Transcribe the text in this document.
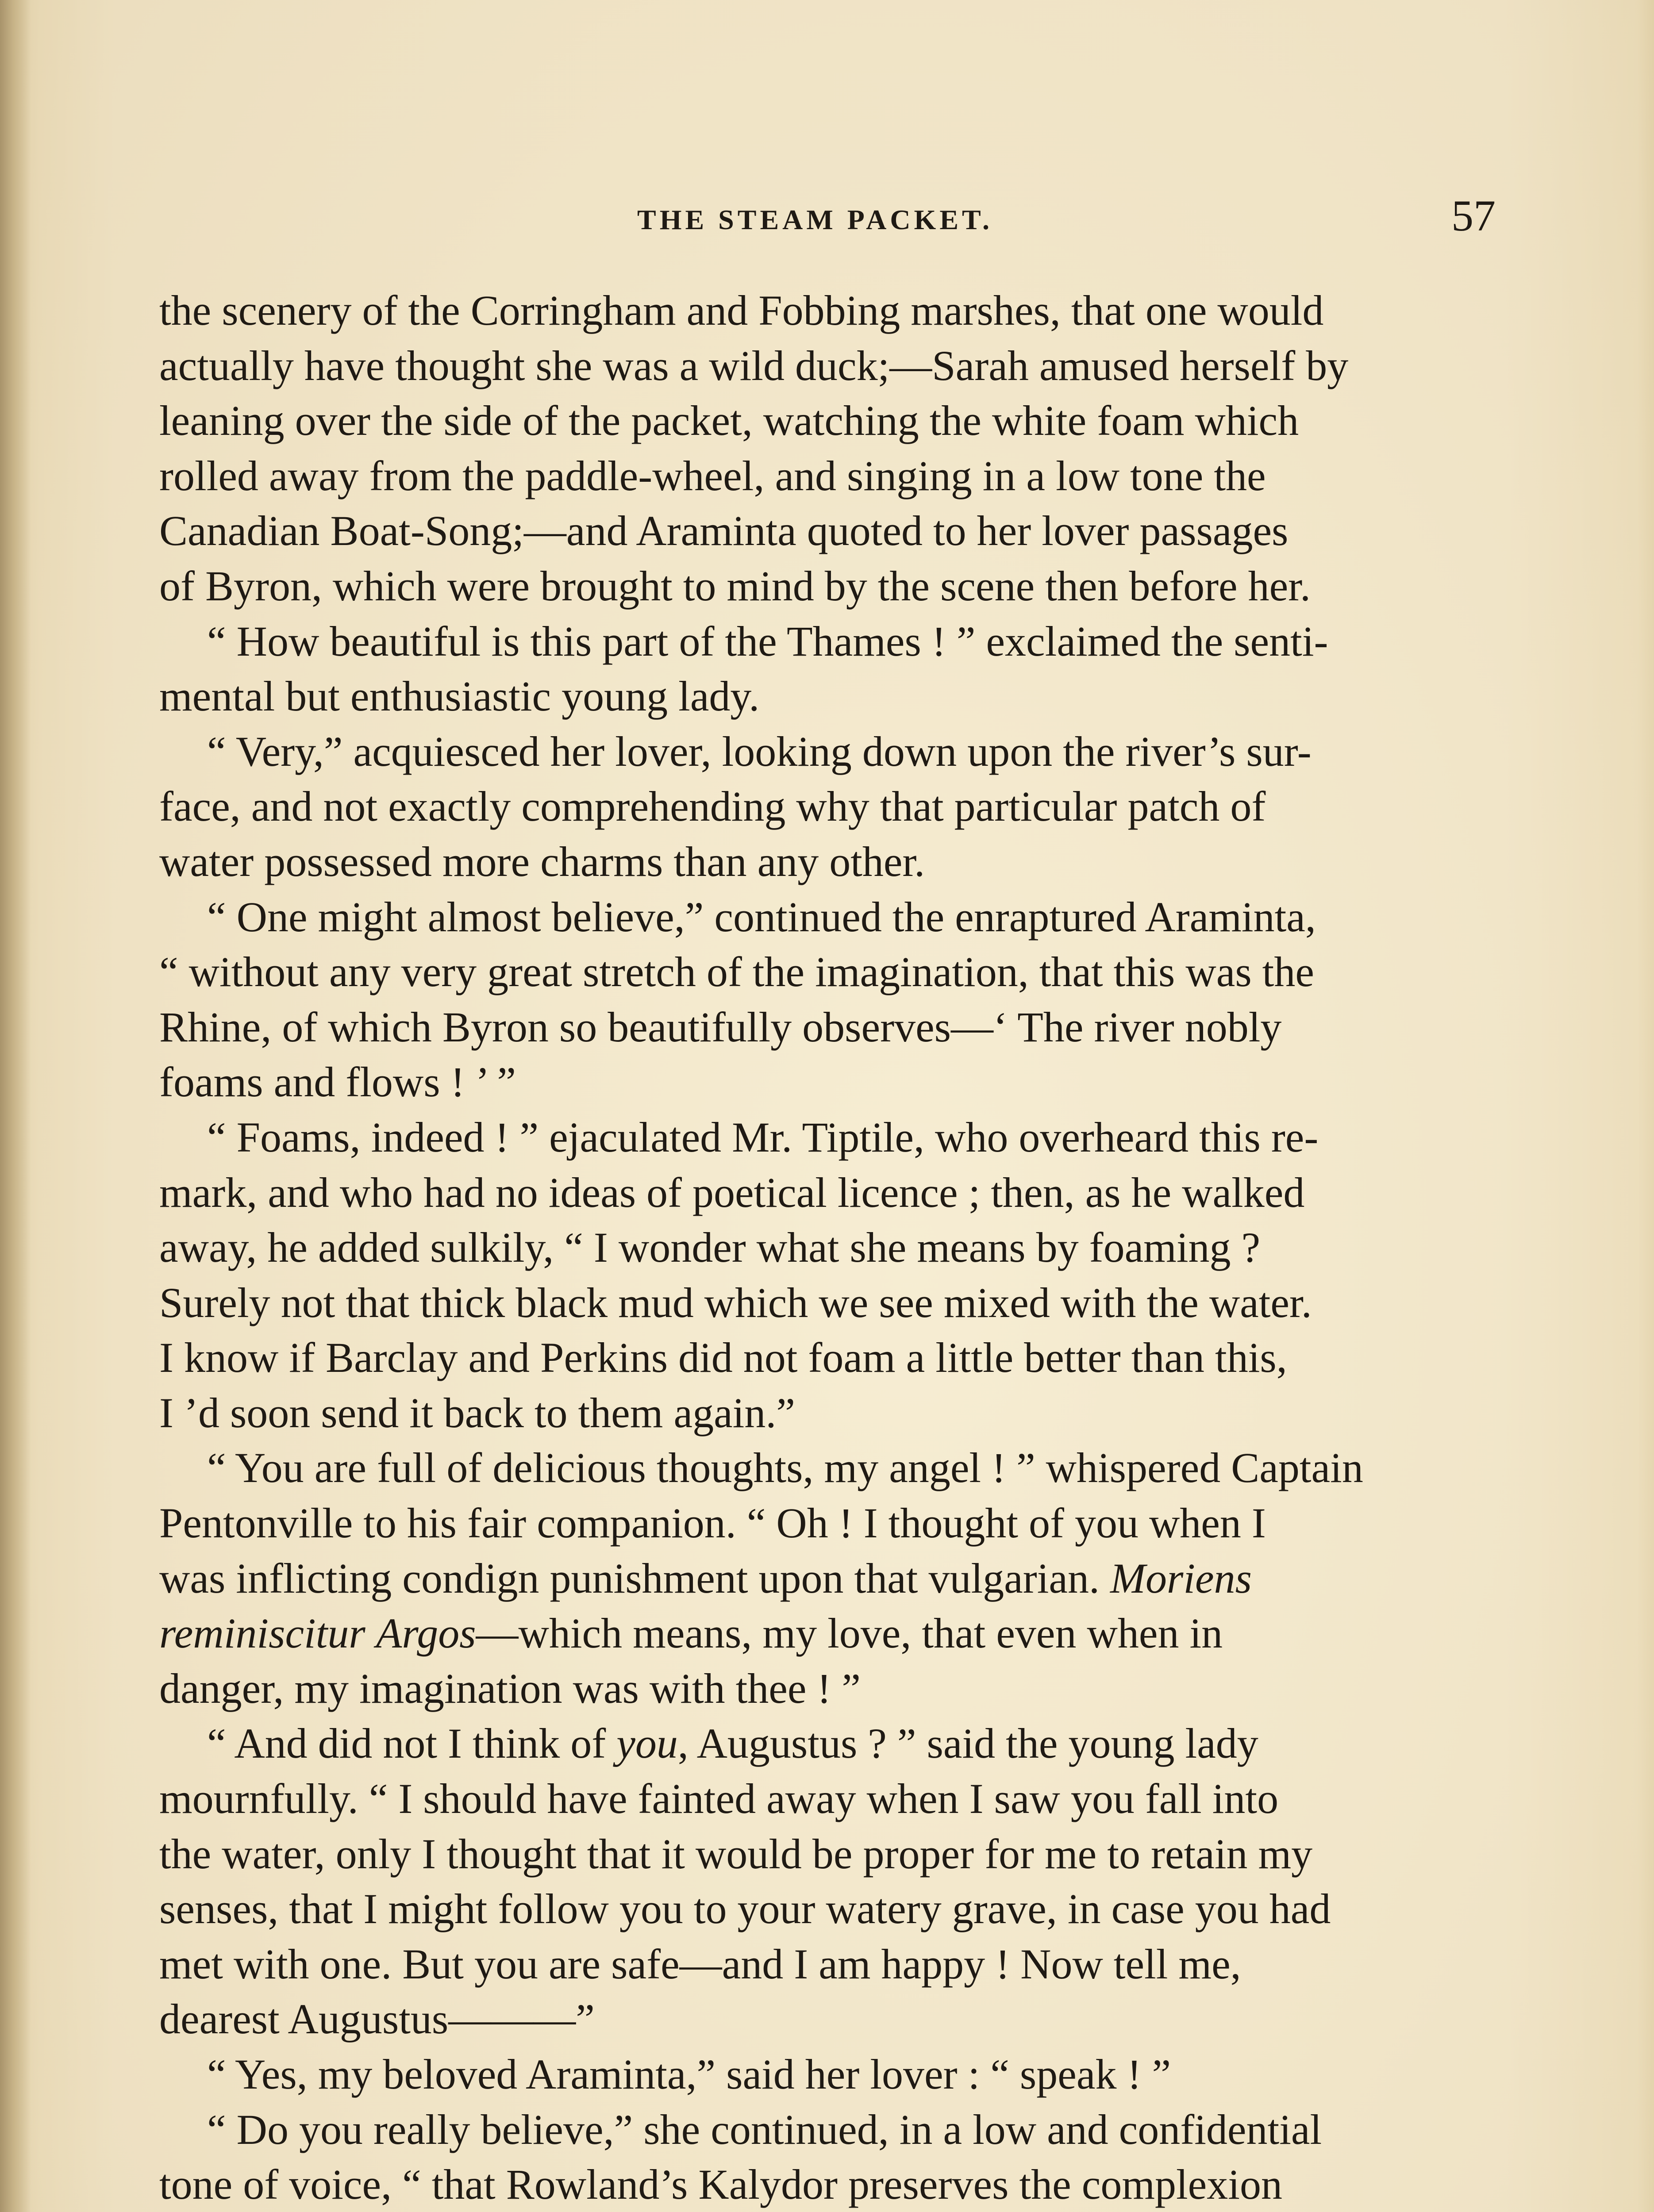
THE STEAM PACKET.	57

the scenery of the Corringham and Fobbing marshes, that one would
actually have thought she was a wild duck;—Sarah amused herself by
leaning over the side of the packet, watching the white foam which
rolled away from the paddle-wheel, and singing in a low tone the
Canadian Boat-Song;—and Araminta quoted to her lover passages
of Byron, which were brought to mind by the scene then before her.

“ How beautiful is this part of the Thames ! ” exclaimed the senti-
mental but enthusiastic young lady.

“ Very,” acquiesced her lover, looking down upon the river’s sur-
face, and not exactly comprehending why that particular patch of
water possessed more charms than any other.

“ One might almost believe,” continued the enraptured Araminta,
“ without any very great stretch of the imagination, that this was the
Rhine, of which Byron so beautifully observes—‘ The river nobly
foams and flows ! ’ ”

“ Foams, indeed ! ” ejaculated Mr. Tiptile, who overheard this re-
mark, and who had no ideas of poetical licence ; then, as he walked
away, he added sulkily, “ I wonder what she means by foaming ?
Surely not that thick black mud which we see mixed with the water.
I know if Barclay and Perkins did not foam a little better than this,
I ’d soon send it back to them again.”

“ You are full of delicious thoughts, my angel ! ” whispered Captain
Pentonville to his fair companion. “ Oh ! I thought of you when I
was inflicting condign punishment upon that vulgarian. Moriens
reminiscitur Argos—which means, my love, that even when in
danger, my imagination was with thee ! ”

“ And did not I think of you, Augustus ? ” said the young lady
mournfully. “ I should have fainted away when I saw you fall into
the water, only I thought that it would be proper for me to retain my
senses, that I might follow you to your watery grave, in case you had
met with one. But you are safe—and I am happy ! Now tell me,
dearest Augustus———”

“ Yes, my beloved Araminta,” said her lover : “ speak ! ”

“ Do you really believe,” she continued, in a low and confidential
tone of voice, “ that Rowland’s Kalydor preserves the complexion
